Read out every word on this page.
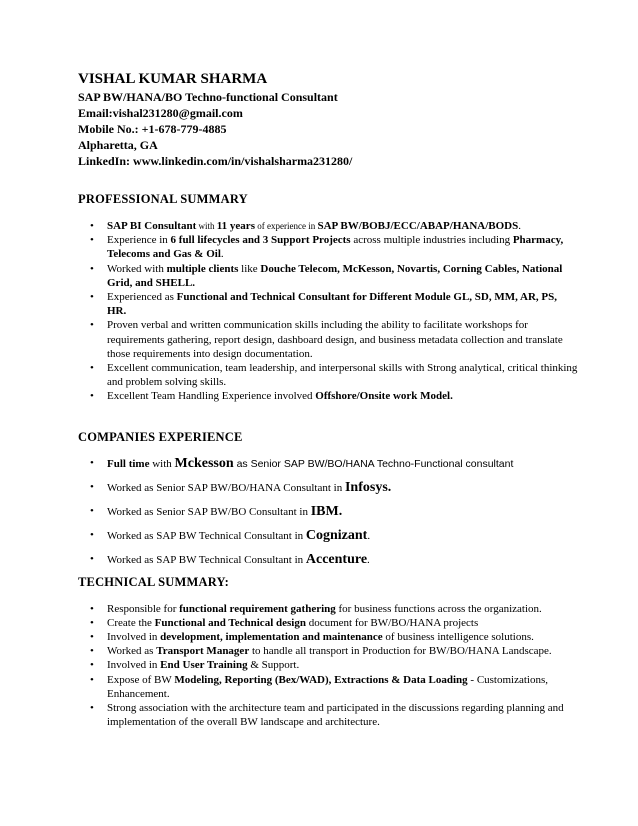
VISHAL KUMAR SHARMA

SAP BW/HANA/BO Techno-functional Consultant
Email:vishal231280@gmail.com
Mobile No.: +1-678-779-4885
Alpharetta, GA
LinkedIn: www.linkedin.com/in/vishalsharma231280/

PROFESSIONAL SUMMARY

• SAP BI Consultant with 11 years of experience in SAP BW/BOBJ/ECC/ABAP/HANA/BODS.
• Experience in 6 full lifecycles and 3 Support Projects across multiple industries including Pharmacy, Telecoms and Gas & Oil.
• Worked with multiple clients like Douche Telecom, McKesson, Novartis, Corning Cables, National Grid, and SHELL.
• Experienced as Functional and Technical Consultant for Different Module GL, SD, MM, AR, PS, HR.
• Proven verbal and written communication skills including the ability to facilitate workshops for requirements gathering, report design, dashboard design, and business metadata collection and translate those requirements into design documentation.
• Excellent communication, team leadership, and interpersonal skills with Strong analytical, critical thinking and problem solving skills.
• Excellent Team Handling Experience involved Offshore/Onsite work Model.

COMPANIES EXPERIENCE

• Full time with Mckesson as Senior SAP BW/BO/HANA Techno-Functional consultant
• Worked as Senior SAP BW/BO/HANA Consultant in Infosys.
• Worked as Senior SAP BW/BO Consultant in IBM.
• Worked as SAP BW Technical Consultant in Cognizant.
• Worked as SAP BW Technical Consultant in Accenture.

TECHNICAL SUMMARY:

• Responsible for functional requirement gathering for business functions across the organization.
• Create the Functional and Technical design document for BW/BO/HANA projects
• Involved in development, implementation and maintenance of business intelligence solutions.
• Worked as Transport Manager to handle all transport in Production for BW/BO/HANA Landscape.
• Involved in End User Training & Support.
• Expose of BW Modeling, Reporting (Bex/WAD), Extractions & Data Loading - Customizations, Enhancement.
• Strong association with the architecture team and participated in the discussions regarding planning and implementation of the overall BW landscape and architecture.
